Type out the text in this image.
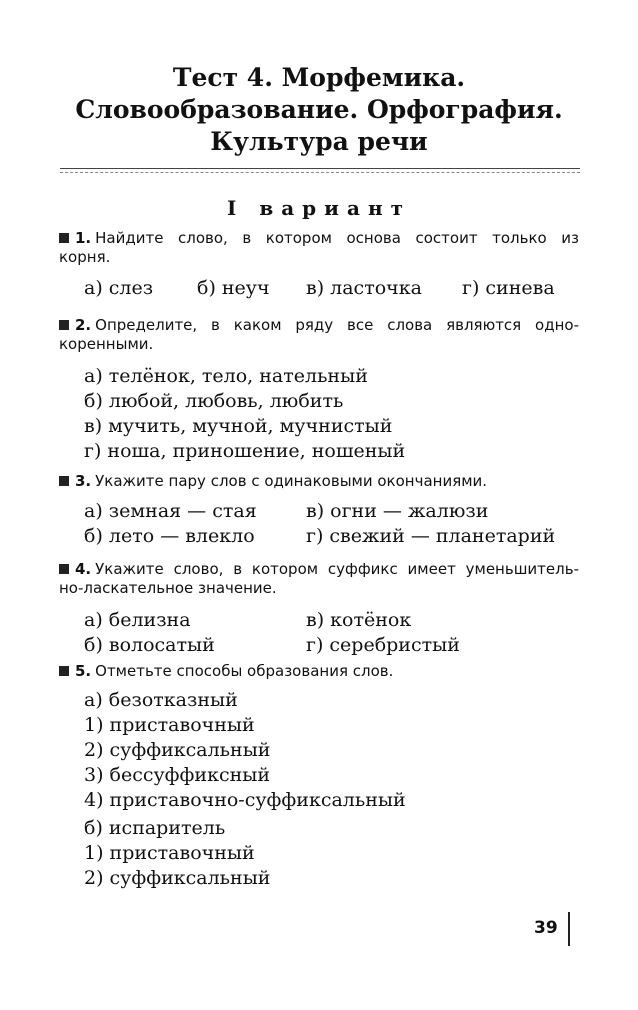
Тест 4. Морфемика.
Словообразование. Орфография.
Культура речи
I вариант
1. Найдите слово, в котором основа состоит только из
корня.
а) слез б) неуч в) ласточка г) синева
2. Определите, в каком ряду все слова являются одно-
коренными.
а) телёнок, тело, нательный
б) любой, любовь, любить
в) мучить, мучной, мучнистый
г) ноша, приношение, ношеный
3. Укажите пару слов с одинаковыми окончаниями.
а) земная — стая
б) лето — влекло
в) огни — жалюзи
г) свежий — планетарий
4. Укажите слово, в котором суффикс имеет уменьшитель-
но-ласкательное значение.
а) белизна
б) волосатый
в) котёнок
г) серебристый
5. Отметьте способы образования слов.
а) безотказный
1) приставочный
2) суффиксальный
3) бессуффиксный
4) приставочно-суффиксальный
б) испаритель
1) приставочный
2) суффиксальный
39
